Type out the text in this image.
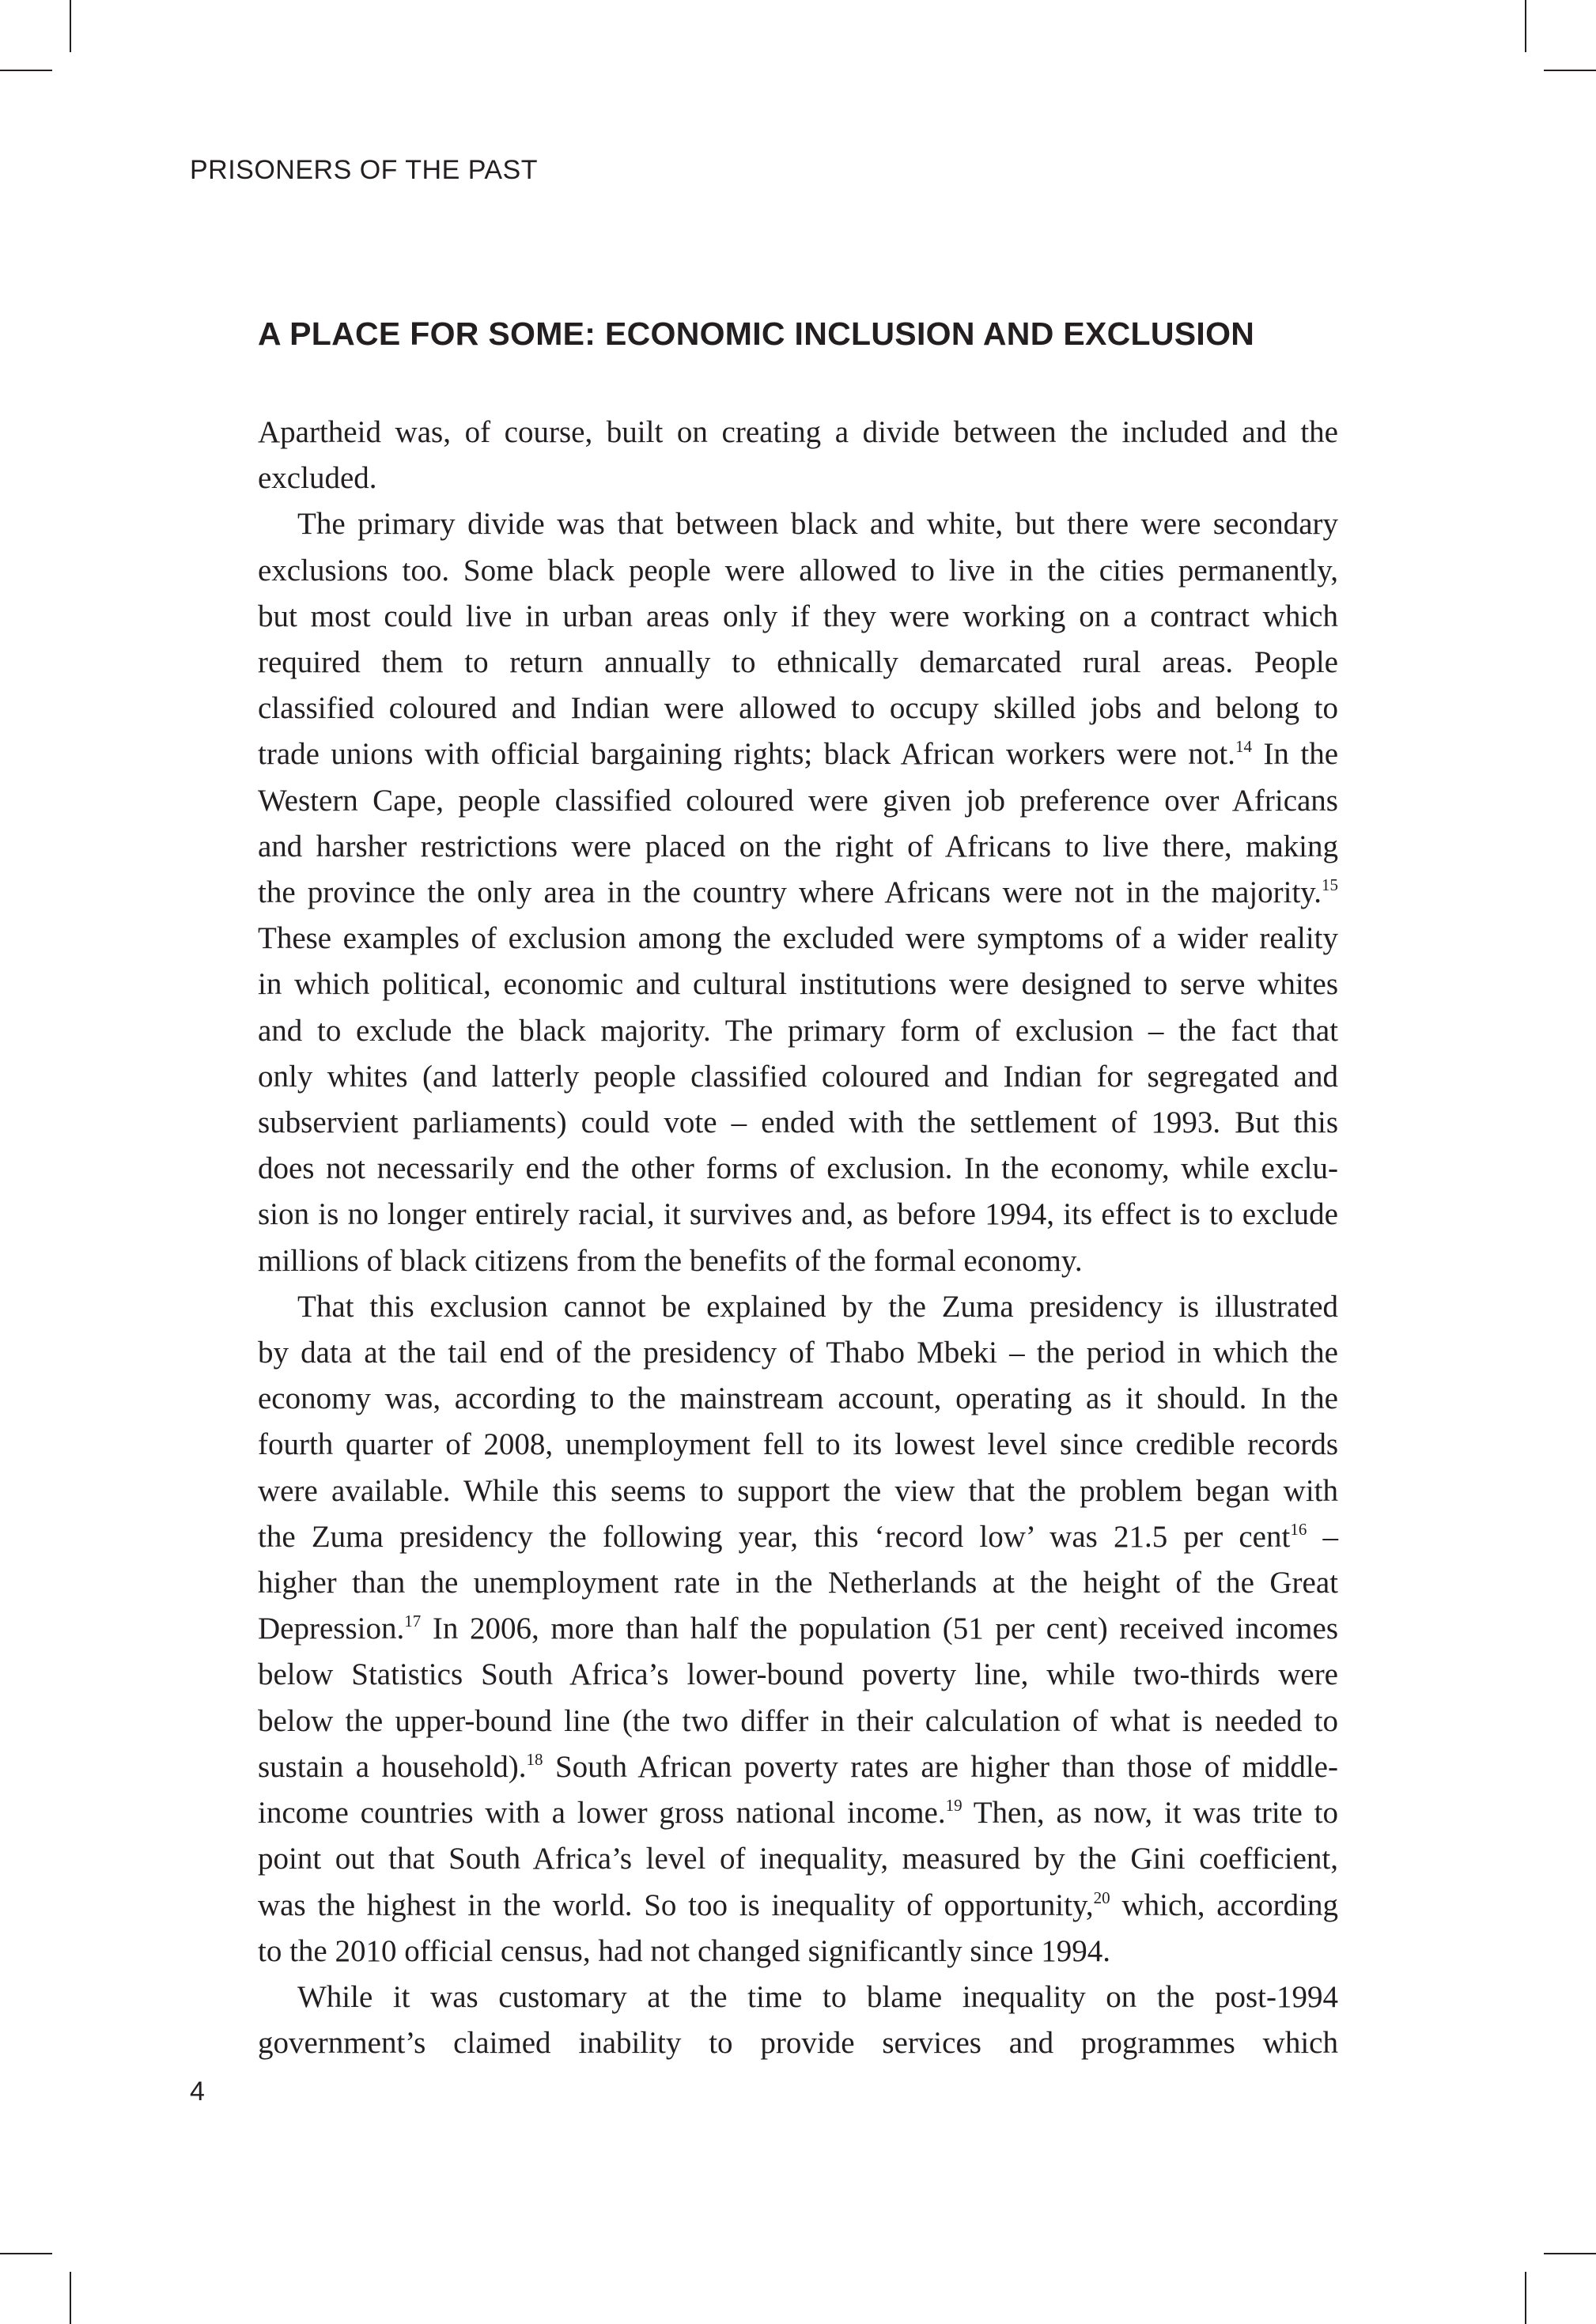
PRISONERS OF THE PAST
A PLACE FOR SOME: ECONOMIC INCLUSION AND EXCLUSION

Apartheid was, of course, built on creating a divide between the included and the
excluded.

The primary divide was that between black and white, but there were secondary
exclusions too. Some black people were allowed to live in the cities permanently,
but most could live in urban areas only if they were working on a contract which
required them to return annually to ethnically demarcated rural areas. People
classified coloured and Indian were allowed to occupy skilled jobs and belong to
trade unions with official bargaining rights; black African workers were not.$^{14}$ In the
Western Cape, people classified coloured were given job preference over Africans
and harsher restrictions were placed on the right of Africans to live there, making
the province the only area in the country where Africans were not in the majority.$^{15}$
These examples of exclusion among the excluded were symptoms of a wider reality
in which political, economic and cultural institutions were designed to serve whites
and to exclude the black majority. The primary form of exclusion – the fact that
only whites (and latterly people classified coloured and Indian for segregated and
subservient parliaments) could vote – ended with the settlement of 1993. But this
does not necessarily end the other forms of exclusion. In the economy, while exclu-
sion is no longer entirely racial, it survives and, as before 1994, its effect is to exclude
millions of black citizens from the benefits of the formal economy.

That this exclusion cannot be explained by the Zuma presidency is illustrated
by data at the tail end of the presidency of Thabo Mbeki – the period in which the
economy was, according to the mainstream account, operating as it should. In the
fourth quarter of 2008, unemployment fell to its lowest level since credible records
were available. While this seems to support the view that the problem began with
the Zuma presidency the following year, this ‘record low’ was 21.5 per cent$^{16}$ –
higher than the unemployment rate in the Netherlands at the height of the Great
Depression.$^{17}$ In 2006, more than half the population (51 per cent) received incomes
below Statistics South Africa’s lower-bound poverty line, while two-thirds were
below the upper-bound line (the two differ in their calculation of what is needed to
sustain a household).$^{18}$ South African poverty rates are higher than those of middle-
income countries with a lower gross national income.$^{19}$ Then, as now, it was trite to
point out that South Africa’s level of inequality, measured by the Gini coefficient,
was the highest in the world. So too is inequality of opportunity,$^{20}$ which, according
to the 2010 official census, had not changed significantly since 1994.

While it was customary at the time to blame inequality on the post-1994
government’s claimed inability to provide services and programmes which

4
